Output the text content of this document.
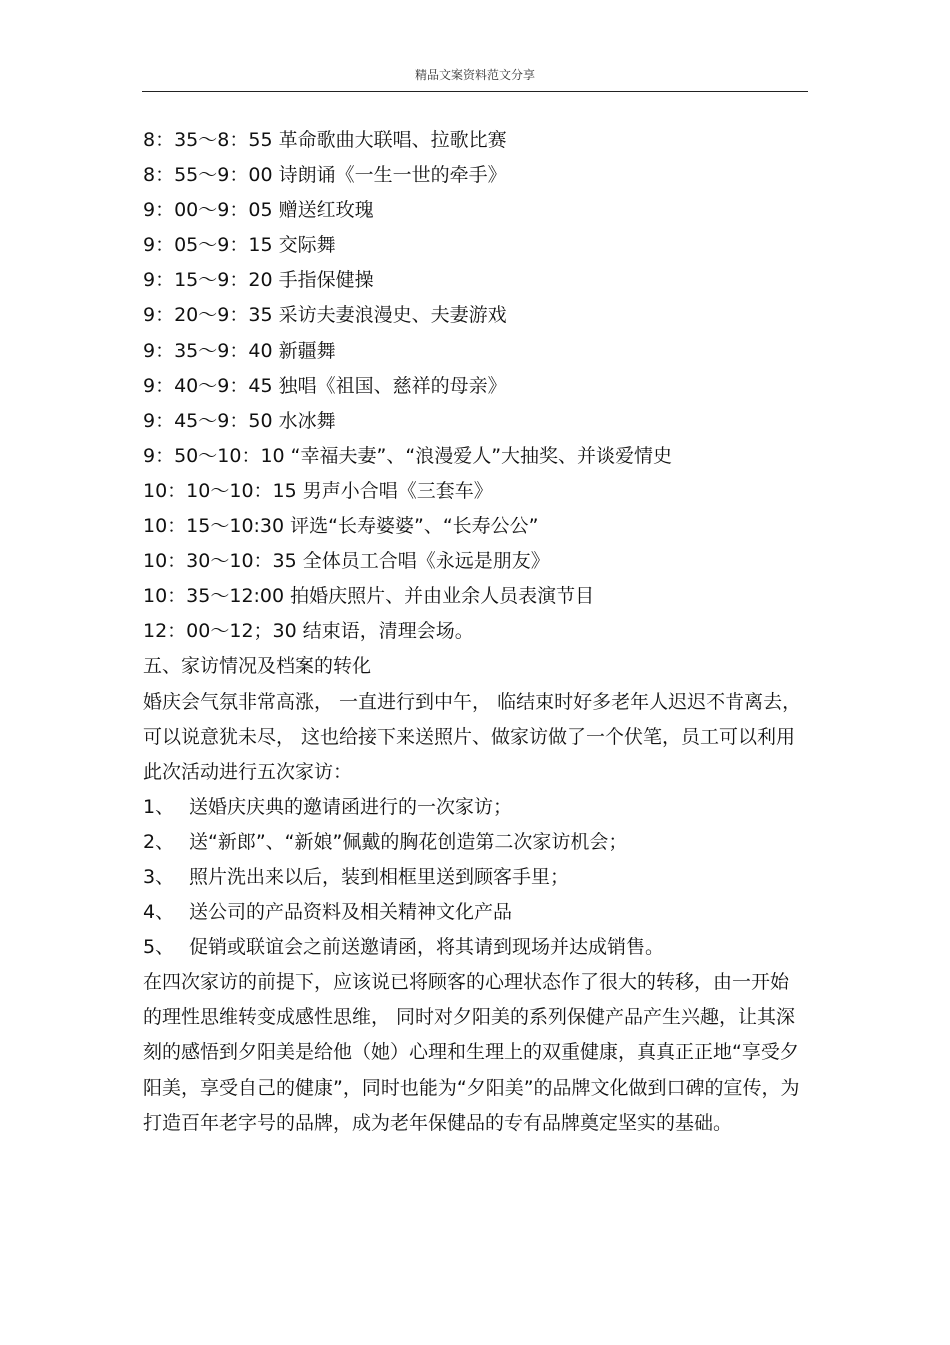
精品文案资料范文分享
8：35～8：55 革命歌曲大联唱、拉歌比赛
8：55～9：00 诗朗诵《一生一世的牵手》
9：00～9：05 赠送红玫瑰
9：05～9：15 交际舞
9：15～9：20 手指保健操
9：20～9：35 采访夫妻浪漫史、夫妻游戏
9：35～9：40 新疆舞
9：40～9：45 独唱《祖国、慈祥的母亲》
9：45～9：50 水冰舞
9：50～10：10 “幸福夫妻”、“浪漫爱人”大抽奖、并谈爱情史
10：10～10：15 男声小合唱《三套车》
10：15～10:30 评选“长寿婆婆”、“长寿公公”
10：30～10：35 全体员工合唱《永远是朋友》
10：35～12:00 拍婚庆照片、并由业余人员表演节目
12：00～12；30 结束语，清理会场。
五、家访情况及档案的转化
婚庆会气氛非常高涨， 一直进行到中午， 临结束时好多老年人迟迟不肯离去，可以说意犹未尽， 这也给接下来送照片、做家访做了一个伏笔，员工可以利用此次活动进行五次家访：
1、 送婚庆庆典的邀请函进行的一次家访；
2、 送“新郎”、“新娘”佩戴的胸花创造第二次家访机会；
3、 照片洗出来以后，装到相框里送到顾客手里；
4、 送公司的产品资料及相关精神文化产品
5、 促销或联谊会之前送邀请函，将其请到现场并达成销售。
在四次家访的前提下，应该说已将顾客的心理状态作了很大的转移，由一开始的理性思维转变成感性思维， 同时对夕阳美的系列保健产品产生兴趣，让其深刻的感悟到夕阳美是给他（她）心理和生理上的双重健康，真真正正地“享受夕阳美，享受自己的健康”，同时也能为“夕阳美”的品牌文化做到口碑的宣传，为打造百年老字号的品牌，成为老年保健品的专有品牌奠定坚实的基础。
